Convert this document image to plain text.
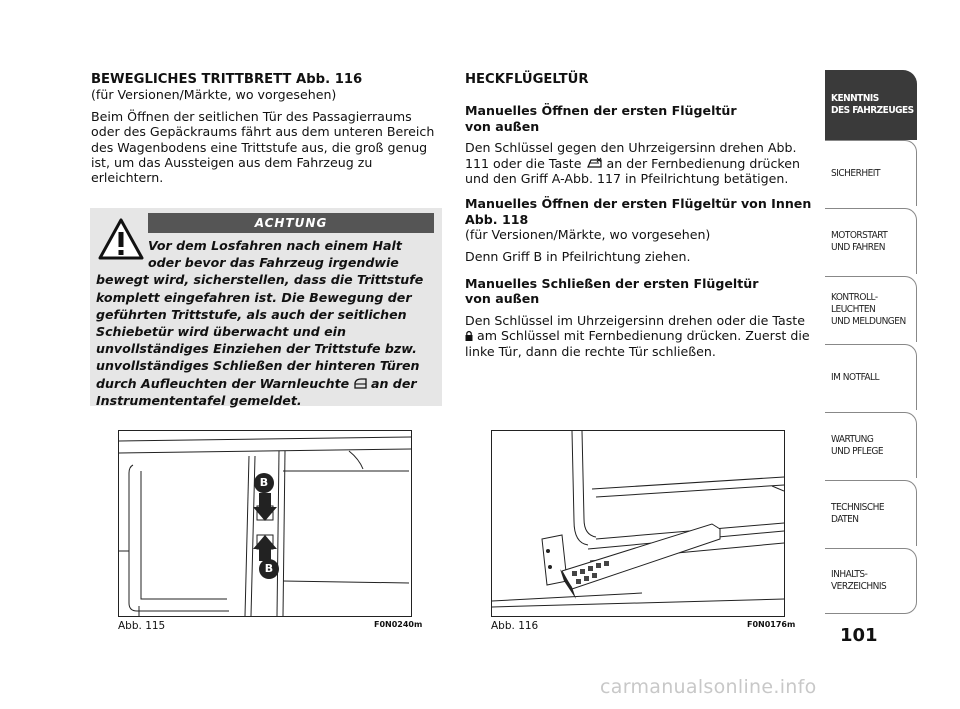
BEWEGLICHES TRITTBRETT Abb. 116

(für Versionen/Märkte, wo vorgesehen)

Beim Öffnen der seitlichen Tür des Passagierraums oder des Gepäckraums fährt aus dem unteren Bereich des Wagenbodens eine Trittstufe aus, die groß genug ist, um das Aussteigen aus dem Fahrzeug zu erleichtern.

ACHTUNG
Vor dem Losfahren nach einem Halt oder bevor das Fahrzeug irgendwie
bewegt wird, sicherstellen, dass die Trittstufe komplett eingefahren ist. Die Bewegung der geführten Trittstufe, als auch der seitlichen Schiebetür wird überwacht und ein unvollständiges Einziehen der Trittstufe bzw. unvollständiges Schließen der hinteren Türen durch Aufleuchten der Warnleuchte an der Instrumententafel gemeldet.

HECKFLÜGELTÜR

Manuelles Öffnen der ersten Flügeltür von außen

Den Schlüssel gegen den Uhrzeigersinn drehen Abb. 111 oder die Taste an der Fernbedienung drücken und den Griff A-Abb. 117 in Pfeilrichtung betätigen.

Manuelles Öffnen der ersten Flügeltür von Innen Abb. 118

(für Versionen/Märkte, wo vorgesehen)

Denn Griff B in Pfeilrichtung ziehen.

Manuelles Schließen der ersten Flügeltür von außen

Den Schlüssel im Uhrzeigersinn drehen oder die Taste  am Schlüssel mit Fernbedienung drücken. Zuerst die linke Tür, dann die rechte Tür schließen.

B
B
Abb. 115	F0N0240m	Abb. 116	F0N0176m
KENNTNIS
DES FAHRZEUGES
SICHERHEIT
MOTORSTART
UND FAHREN
KONTROLL-
LEUCHTEN
UND MELDUNGEN
IM NOTFALL
WARTUNG
UND PFLEGE
TECHNISCHE
DATEN
INHALTS-
VERZEICHNIS
101
carmanualsonline.info
